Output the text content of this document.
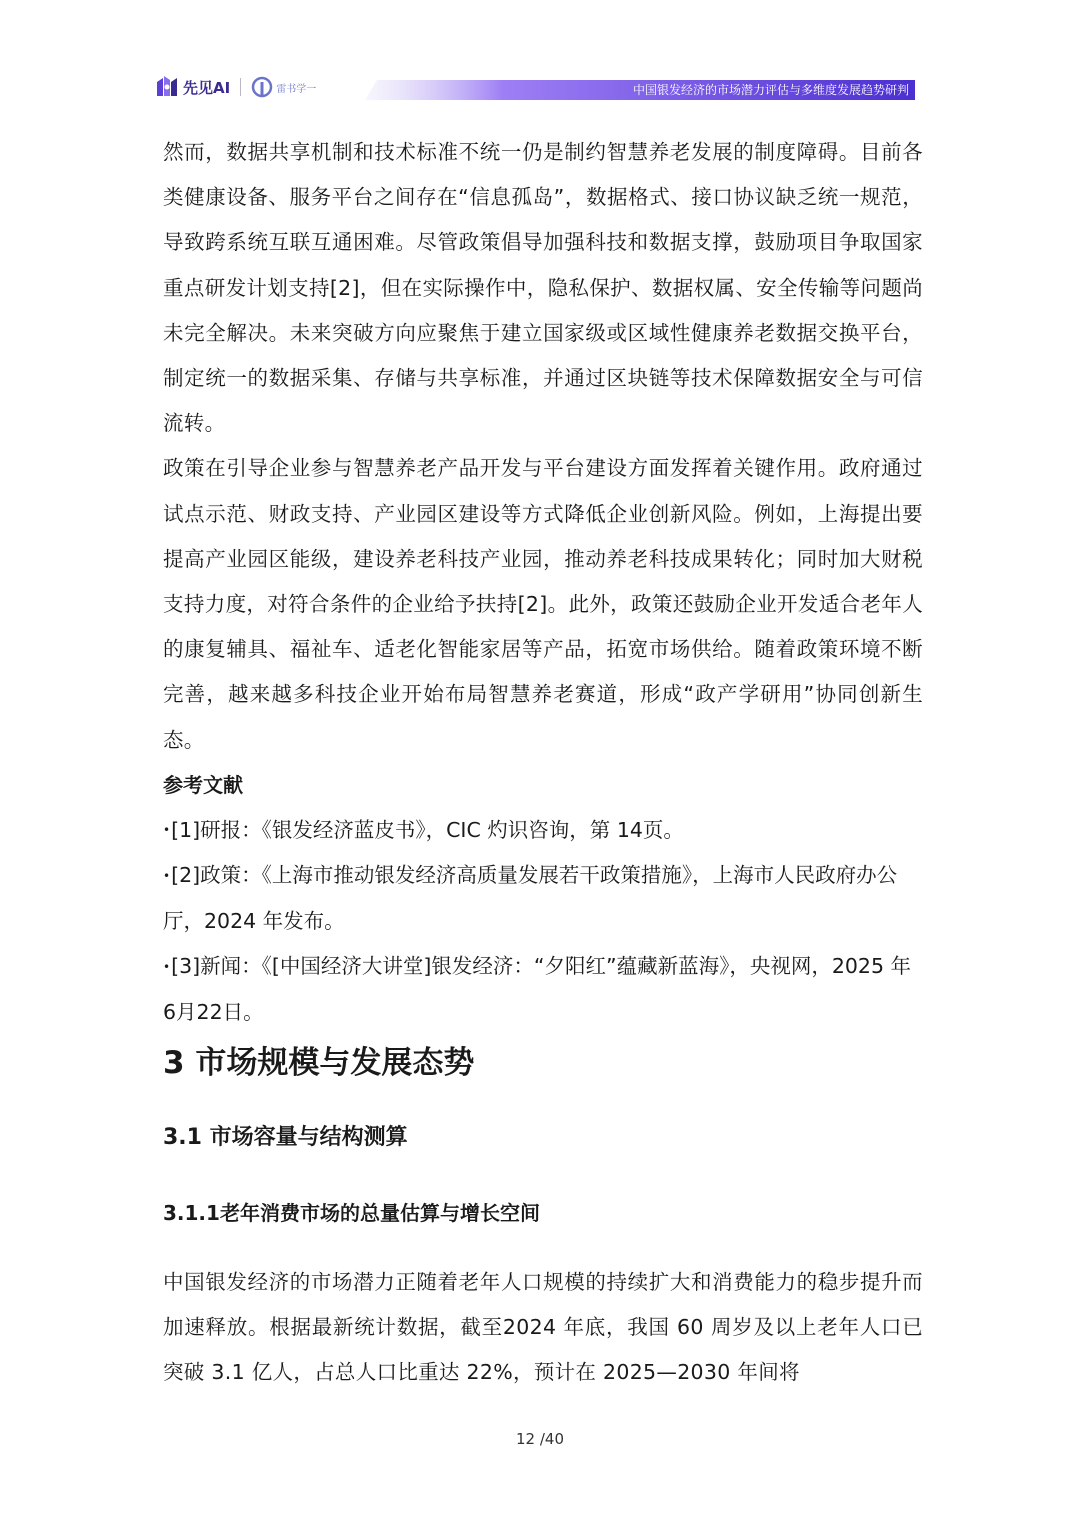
先见AI	雷书学一	中国银发经济的市场潜力评估与多维度发展趋势研判

然而，数据共享机制和技术标准不统一仍是制约智慧养老发展的制度障碍。目前各类健康设备、服务平台之间存在“信息孤岛”，数据格式、接口协议缺乏统一规范，导致跨系统互联互通困难。尽管政策倡导加强科技和数据支撑，鼓励项目争取国家重点研发计划支持[2]，但在实际操作中，隐私保护、数据权属、安全传输等问题尚未完全解决。未来突破方向应聚焦于建立国家级或区域性健康养老数据交换平台，制定统一的数据采集、存储与共享标准，并通过区块链等技术保障数据安全与可信流转。

政策在引导企业参与智慧养老产品开发与平台建设方面发挥着关键作用。政府通过试点示范、财政支持、产业园区建设等方式降低企业创新风险。例如，上海提出要提高产业园区能级，建设养老科技产业园，推动养老科技成果转化；同时加大财税支持力度，对符合条件的企业给予扶持[2]。此外，政策还鼓励企业开发适合老年人的康复辅具、福祉车、适老化智能家居等产品，拓宽市场供给。随着政策环境不断完善，越来越多科技企业开始布局智慧养老赛道，形成“政产学研用”协同创新生态。

参考文献

•[1]研报：《银发经济蓝皮书》，CIC 灼识咨询，第 14页。

•[2]政策：《上海市推动银发经济高质量发展若干政策措施》，上海市人民政府办公厅，2024 年发布。

•[3]新闻：《[中国经济大讲堂]银发经济：“夕阳红”蕴藏新蓝海》，央视网，2025 年 6月22日。

3 市场规模与发展态势
3.1 市场容量与结构测算
3.1.1老年消费市场的总量估算与增长空间

中国银发经济的市场潜力正随着老年人口规模的持续扩大和消费能力的稳步提升而加速释放。根据最新统计数据，截至2024 年底，我国 60 周岁及以上老年人口已突破 3.1 亿人，占总人口比重达 22%，预计在 2025—2030 年间将

12 /40
